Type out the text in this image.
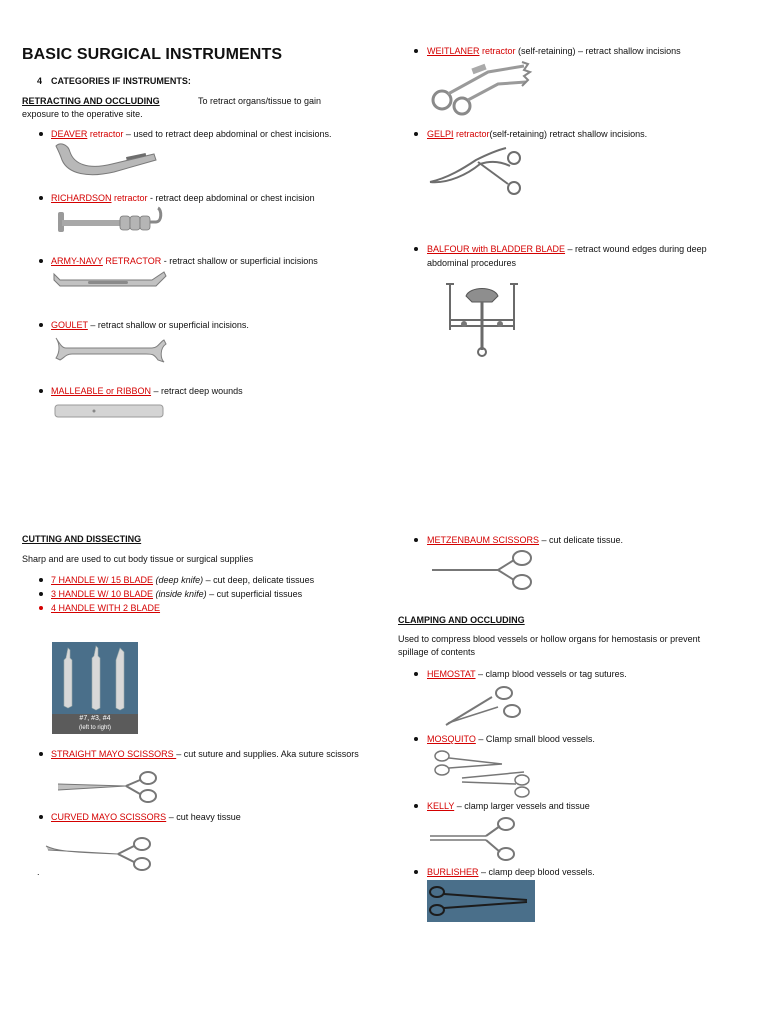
BASIC SURGICAL INSTRUMENTS
4 CATEGORIES IF INSTRUMENTS:
RETRACTING AND OCCLUDING	To retract organs/tissue to gain
exposure to the operative site.
DEAVER retractor – used to retract deep abdominal or chest incisions.
RICHARDSON retractor - retract deep abdominal or chest incision
ARMY-NAVY RETRACTOR - retract shallow or superficial incisions
GOULET – retract shallow or superficial incisions.
MALLEABLE or RIBBON – retract deep wounds
WEITLANER retractor (self-retaining) – retract shallow incisions
GELPI retractor(self-retaining) retract shallow incisions.
BALFOUR with BLADDER BLADE – retract wound edges during deep
abdominal procedures
CUTTING AND DISSECTING
Sharp and are used to cut body tissue or surgical supplies
7 HANDLE W/ 15 BLADE (deep knife) – cut deep, delicate tissues
3 HANDLE W/ 10 BLADE (inside knife) – cut superficial tissues
4 HANDLE WITH 2 BLADE
#7, #3, #4
(left to right)
STRAIGHT MAYO SCISSORS – cut suture and supplies. Aka suture scissors
CURVED MAYO SCISSORS – cut heavy tissue
.
METZENBAUM SCISSORS – cut delicate tissue.
CLAMPING AND OCCLUDING
Used to compress blood vessels or hollow organs for hemostasis or prevent
spillage of contents
HEMOSTAT – clamp blood vessels or tag sutures.
MOSQUITO – Clamp small blood vessels.
KELLY – clamp larger vessels and tissue
BURLISHER – clamp deep blood vessels.
